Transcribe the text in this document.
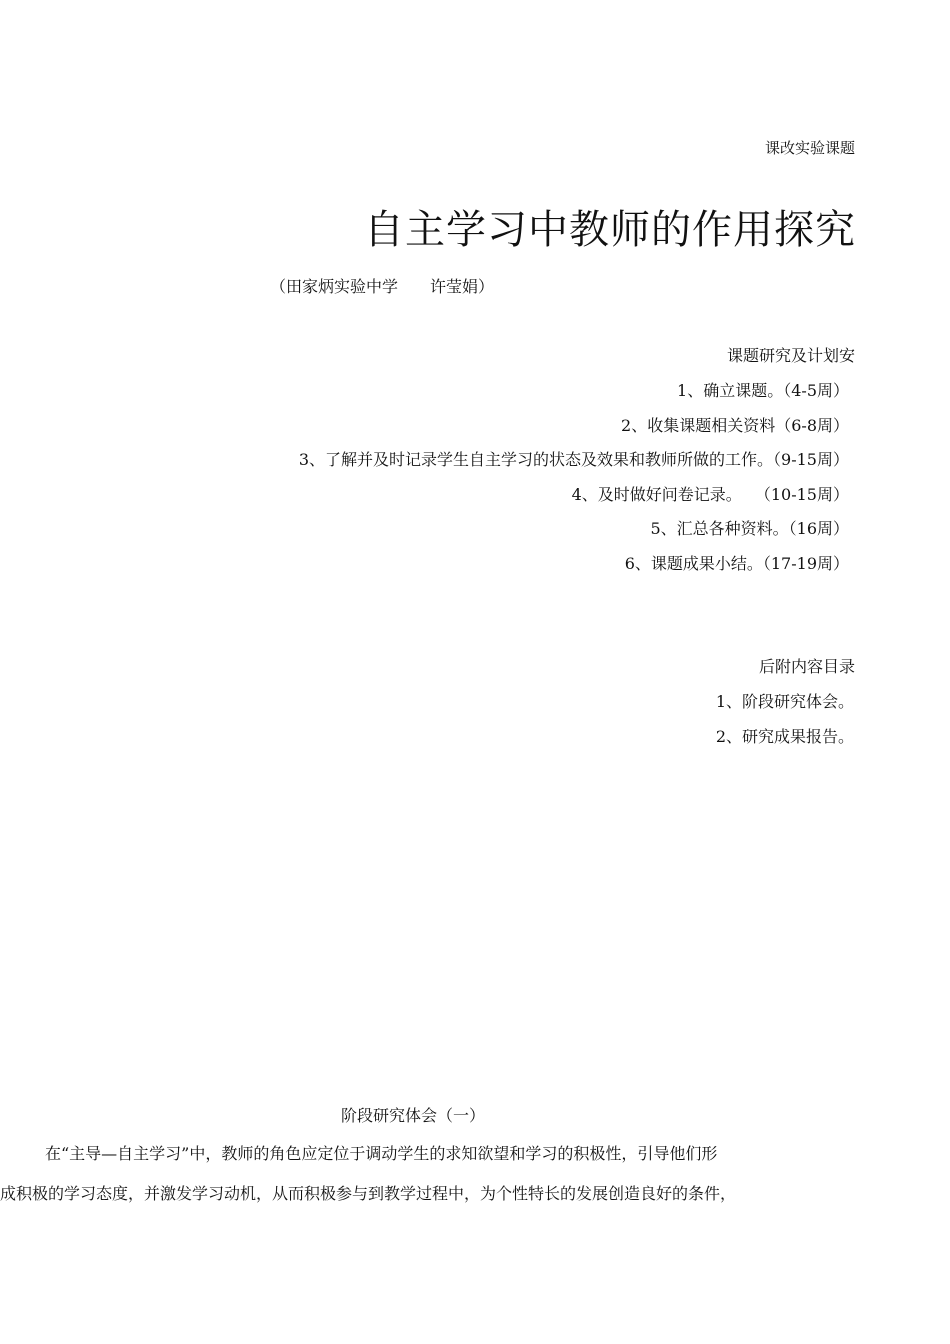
课改实验课题
自主学习中教师的作用探究
（田家炳实验中学　　许莹娟）
课题研究及计划安
1、确立课题。（4-5周）
2、收集课题相关资料（6-8周）
3、了解并及时记录学生自主学习的状态及效果和教师所做的工作。（9-15周）
4、及时做好问卷记录。　 （10-15周）
5、汇总各种资料。（16周）
6、课题成果小结。（17-19周）
后附内容目录
1、阶段研究体会。
2、研究成果报告。
阶段研究体会（一）
在“主导—自主学习”中，教师的角色应定位于调动学生的求知欲望和学习的积极性，引导他们形
成积极的学习态度，并激发学习动机，从而积极参与到教学过程中，为个性特长的发展创造良好的条件，
